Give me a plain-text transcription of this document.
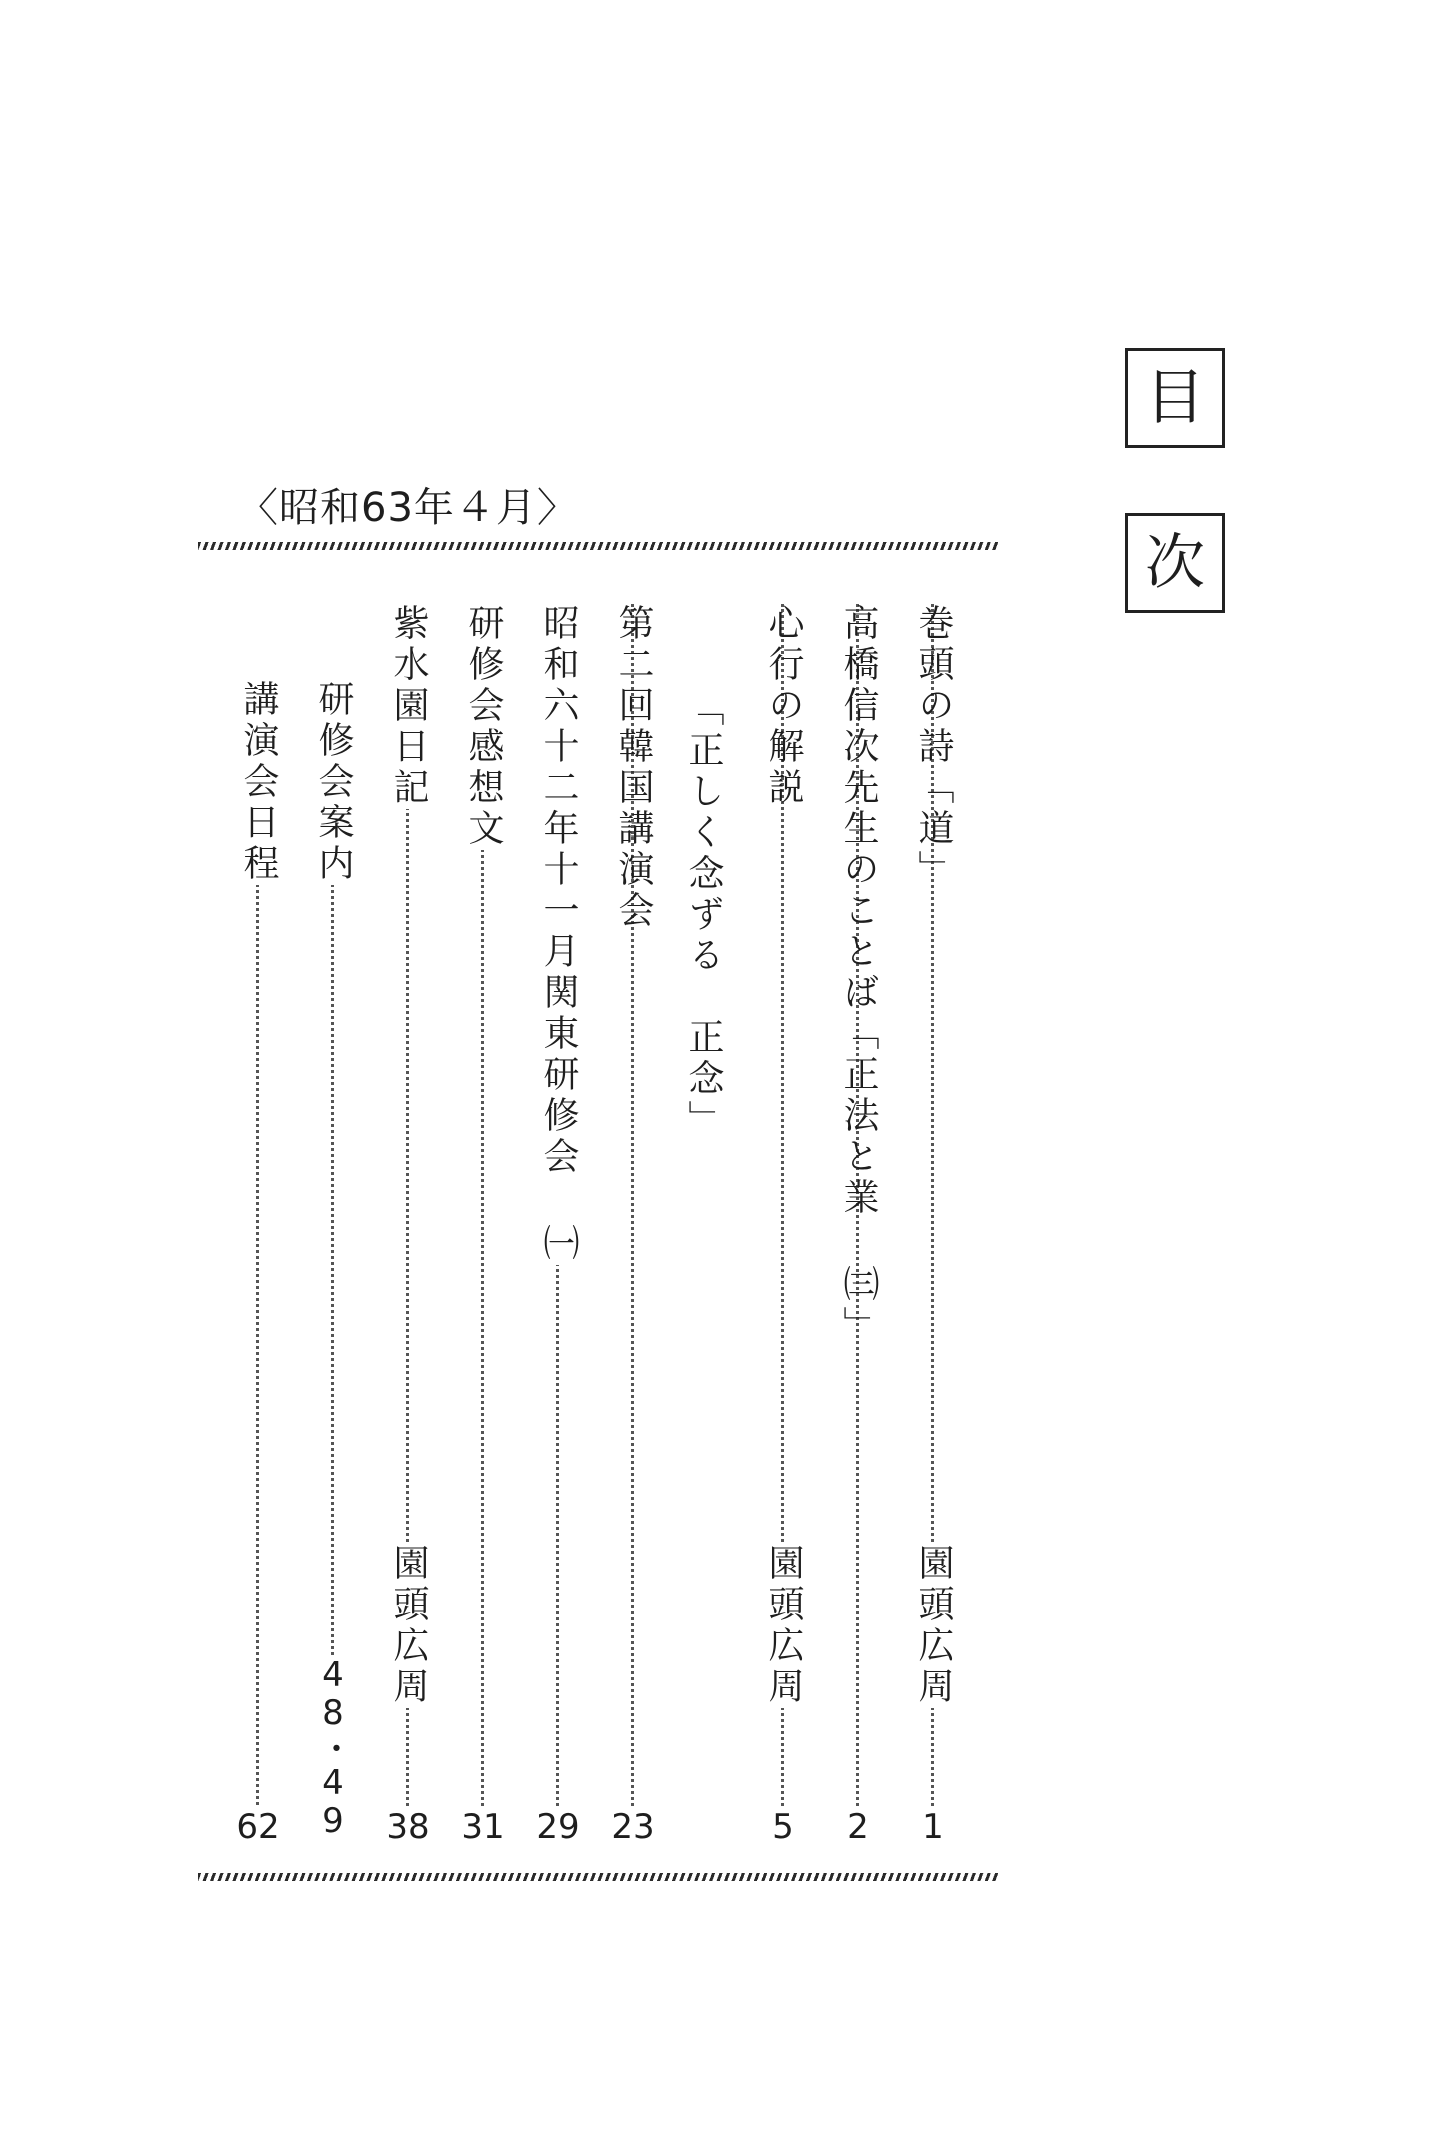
目
次
〈昭和63年４月〉
巻頭の詩「道」
園頭広周
1
高橋信次先生のことば「正法と業 ㈢」
2
心行の解説
園頭広周
5
「正しく念ずる　正念」
第二回韓国講演会
23
昭和六十二年十一月関東研修会 ㈠
29
研修会感想文
31
紫水園日記
園頭広周
38
研修会案内
48・49
講演会日程
62
